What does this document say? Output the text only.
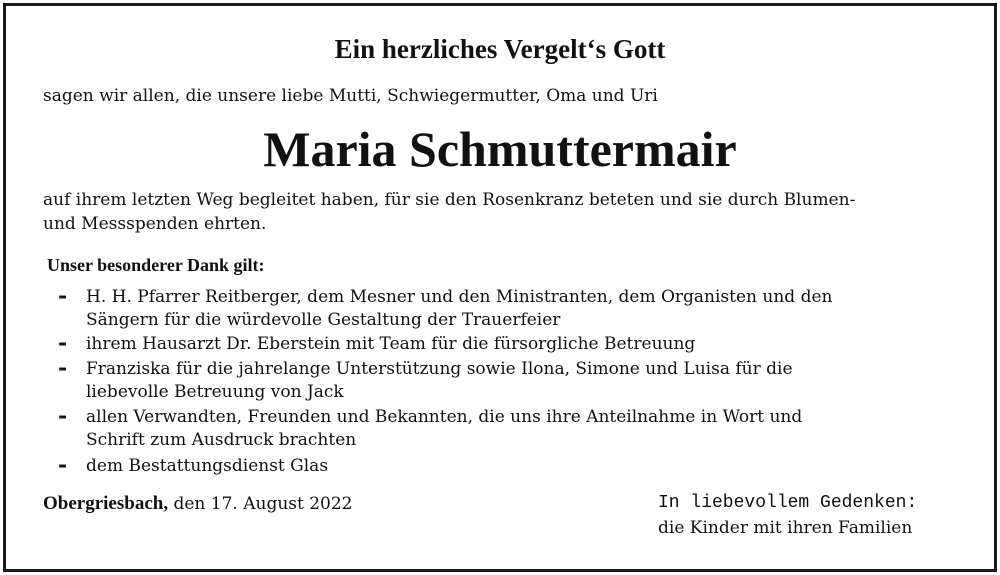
Ein herzliches Vergelt‘s Gott
sagen wir allen, die unsere liebe Mutti, Schwiegermutter, Oma und Uri
Maria Schmuttermair
auf ihrem letzten Weg begleitet haben, für sie den Rosenkranz beteten und sie durch Blumen-
und Messspenden ehrten.
Unser besonderer Dank gilt:
- H. H. Pfarrer Reitberger, dem Mesner und den Ministranten, dem Organisten und den
Sängern für die würdevolle Gestaltung der Trauerfeier
- ihrem Hausarzt Dr. Eberstein mit Team für die fürsorgliche Betreuung
- Franziska für die jahrelange Unterstützung sowie Ilona, Simone und Luisa für die
liebevolle Betreuung von Jack
- allen Verwandten, Freunden und Bekannten, die uns ihre Anteilnahme in Wort und
Schrift zum Ausdruck brachten
- dem Bestattungsdienst Glas
Obergriesbach, den 17. August 2022	In liebevollem Gedenken:
die Kinder mit ihren Familien
